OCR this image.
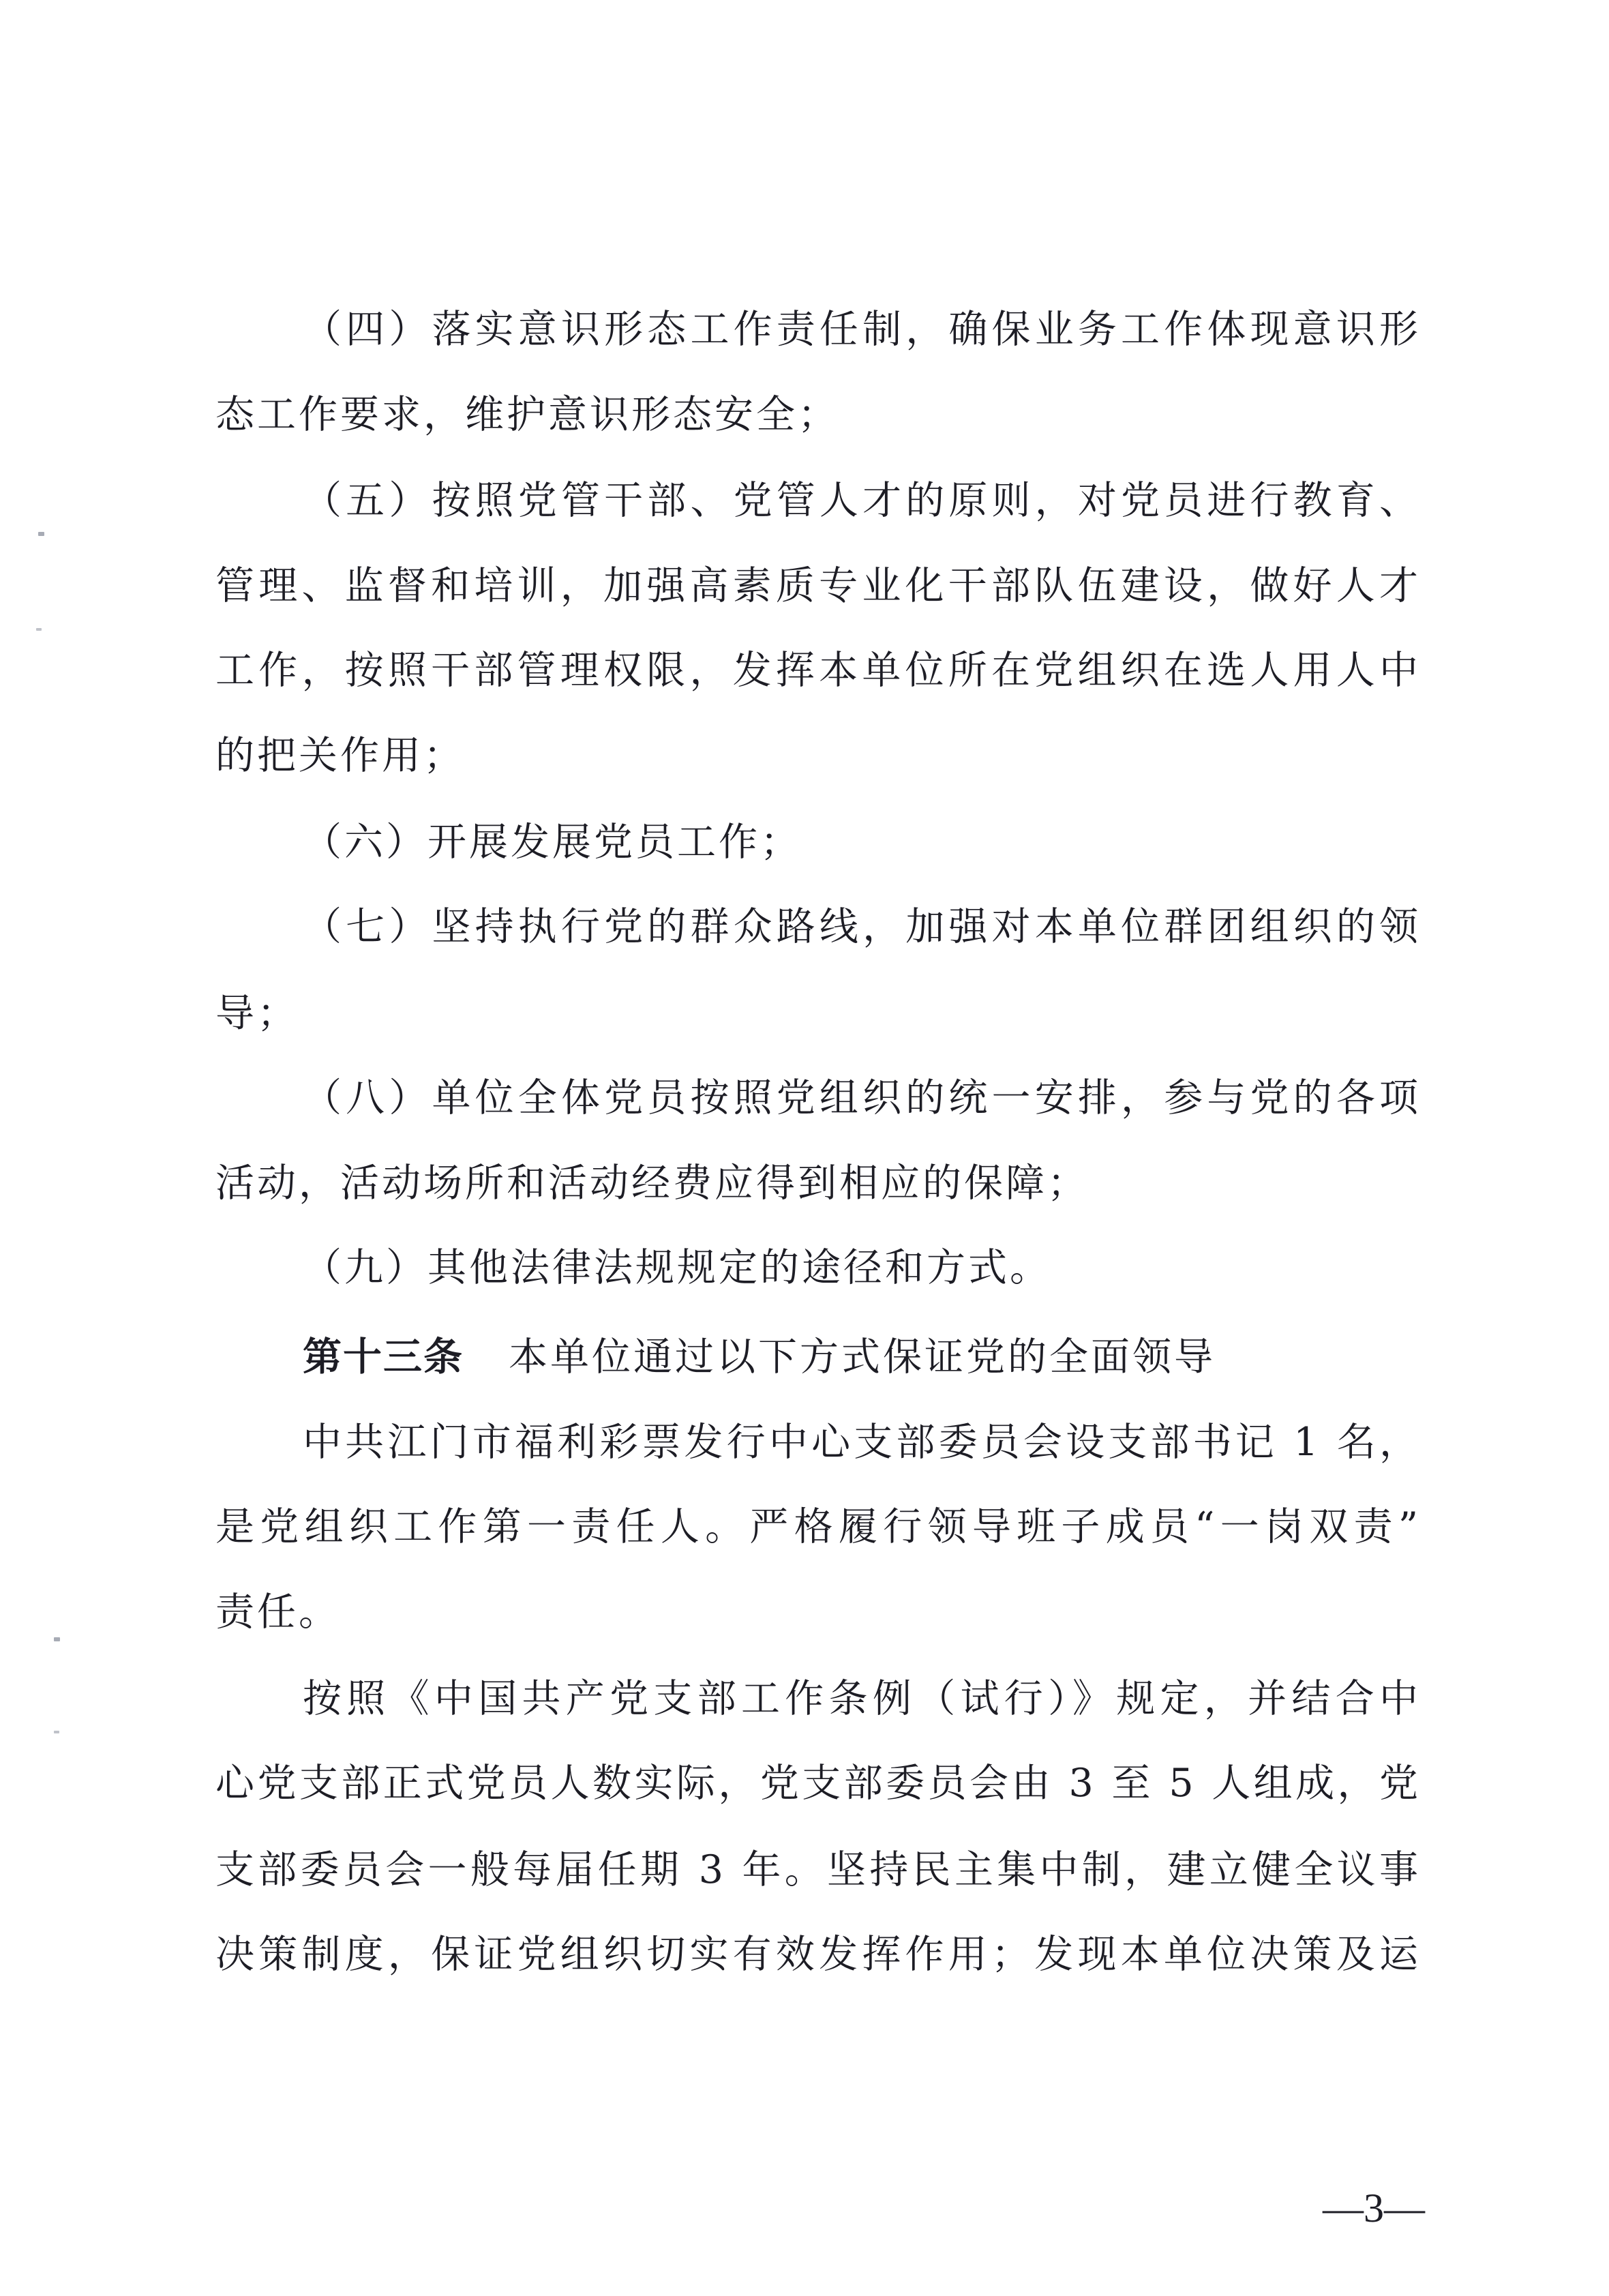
（四）落实意识形态工作责任制，确保业务工作体现意识形
态工作要求，维护意识形态安全；
（五）按照党管干部、党管人才的原则，对党员进行教育、
管理、监督和培训，加强高素质专业化干部队伍建设，做好人才
工作，按照干部管理权限，发挥本单位所在党组织在选人用人中
的把关作用；
（六）开展发展党员工作；
（七）坚持执行党的群众路线，加强对本单位群团组织的领
导；
（八）单位全体党员按照党组织的统一安排，参与党的各项
活动，活动场所和活动经费应得到相应的保障；
（九）其他法律法规规定的途径和方式。
第十三条 本单位通过以下方式保证党的全面领导
中共江门市福利彩票发行中心支部委员会设支部书记 1 名，
是党组织工作第一责任人。严格履行领导班子成员“一岗双责”
责任。
按照《中国共产党支部工作条例（试行）》规定，并结合中
心党支部正式党员人数实际，党支部委员会由 3 至 5 人组成，党
支部委员会一般每届任期 3 年。坚持民主集中制，建立健全议事
决策制度，保证党组织切实有效发挥作用；发现本单位决策及运
—3—
